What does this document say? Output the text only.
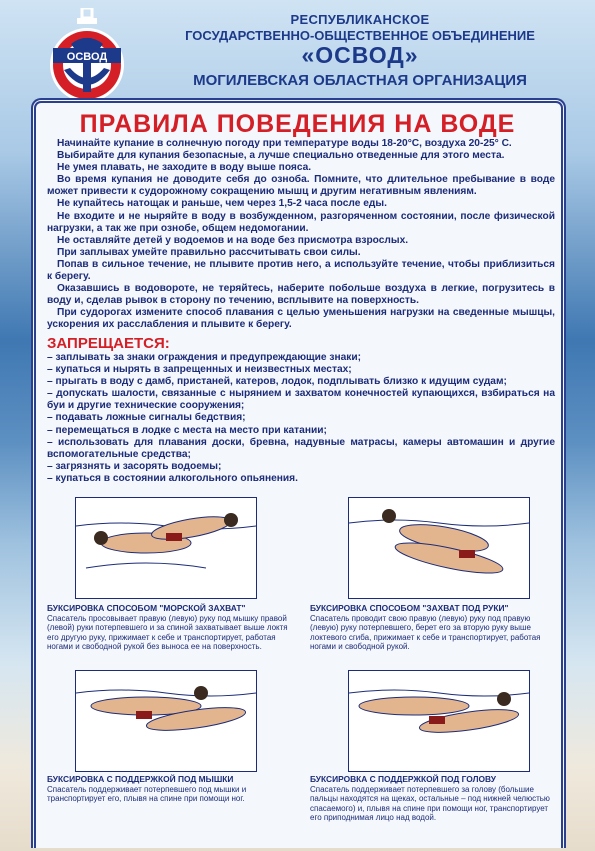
ОСВОД
РЕСПУБЛИКАНСКОЕ
ГОСУДАРСТВЕННО-ОБЩЕСТВЕННОЕ ОБЪЕДИНЕНИЕ
«ОСВОД»
МОГИЛЕВСКАЯ ОБЛАСТНАЯ ОРГАНИЗАЦИЯ
ПРАВИЛА ПОВЕДЕНИЯ НА ВОДЕ

Начинайте купание в солнечную погоду при температуре воды 18-20°С, воздуха 20-25° С.

Выбирайте для купания безопасные, а лучше специально отведенные для этого места.

Не умея плавать, не заходите в воду выше пояса.

Во время купания не доводите себя до озноба. Помните, что длительное пребывание в воде может привести к судорожному сокращению мышц и другим негативным явлениям.

Не купайтесь натощак и раньше, чем через 1,5-2 часа после еды.

Не входите и не ныряйте в воду в возбужденном, разгоряченном состоянии, после физической нагрузки, а так же при ознобе, общем недомогании.

Не оставляйте детей у водоемов и на воде без присмотра взрослых.

При заплывах умейте правильно рассчитывать свои силы.

Попав в сильное течение, не плывите против него, а используйте течение, чтобы приблизиться к берегу.

Оказавшись в водовороте, не теряйтесь, наберите побольше воздуха в легкие, погрузитесь в воду и, сделав рывок в сторону по течению, всплывите на поверхность.

При судорогах измените способ плавания с целью уменьшения нагрузки на сведенные мышцы, ускорения их расслабления и плывите к берегу.

ЗАПРЕЩАЕТСЯ:
– заплывать за знаки ограждения и предупреждающие знаки;
– купаться и нырять в запрещенных и неизвестных местах;
– прыгать в воду с дамб, пристаней, катеров, лодок, подплывать близко к идущим судам;
– допускать шалости, связанные с нырянием и захватом конечностей купающихся, взбираться на буи и другие технические сооружения;
– подавать ложные сигналы бедствия;
– перемещаться в лодке с места на место при катании;
– использовать для плавания доски, бревна, надувные матрасы, камеры автомашин и другие вспомогательные средства;
– загрязнять и засорять водоемы;
– купаться в состоянии алкогольного опьянения.
БУКСИРОВКА СПОСОБОМ "МОРСКОЙ ЗАХВАТ"
Спасатель просовывает правую (левую) руку под мышку правой (левой) руки потерпевшего и за спиной захватывает выше локтя его другую руку, прижимает к себе и транспортирует, работая ногами и свободной рукой без выноса ее на поверхность.
БУКСИРОВКА СПОСОБОМ "ЗАХВАТ ПОД РУКИ"
Спасатель проводит свою правую (левую) руку под правую (левую) руку потерпевшего, берет его за вторую руку выше локтевого сгиба, прижимает к себе и транспортирует, работая ногами и свободной рукой.
БУКСИРОВКА С ПОДДЕРЖКОЙ ПОД МЫШКИ
Спасатель поддерживает потерпевшего под мышки и транспортирует его, плывя на спине при помощи ног.
БУКСИРОВКА С ПОДДЕРЖКОЙ ПОД ГОЛОВУ
Спасатель поддерживает потерпевшего за голову (большие пальцы находятся на щеках, остальные – под нижней челюстью спасаемого) и, плывя на спине при помощи ног, транспортирует его приподнимая лицо над водой.
